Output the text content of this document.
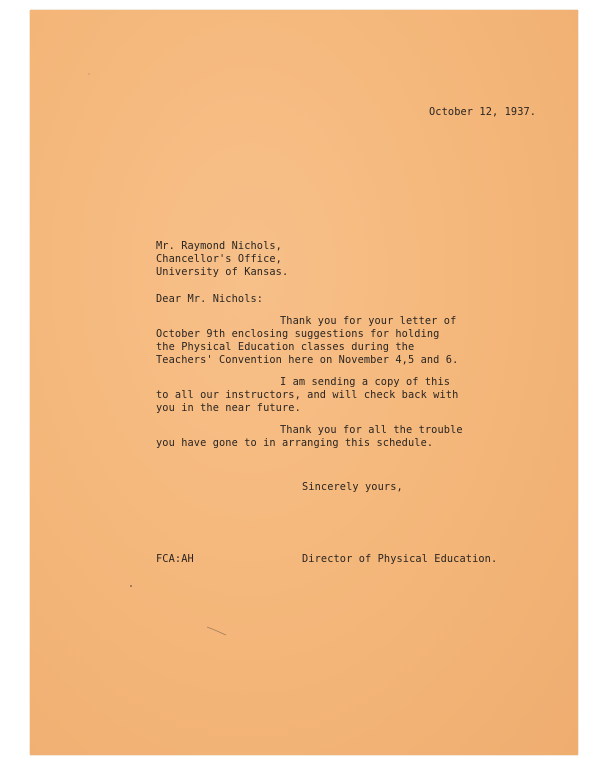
October 12, 1937.
Mr. Raymond Nichols,
Chancellor's Office,
University of Kansas.
Dear Mr. Nichols:
Thank you for your letter of
October 9th enclosing suggestions for holding
the Physical Education classes during the
Teachers' Convention here on November 4,5 and 6.
I am sending a copy of this
to all our instructors, and will check back with
you in the near future.
Thank you for all the trouble
you have gone to in arranging this schedule.
Sincerely yours,
FCA:AH	Director of Physical Education.
